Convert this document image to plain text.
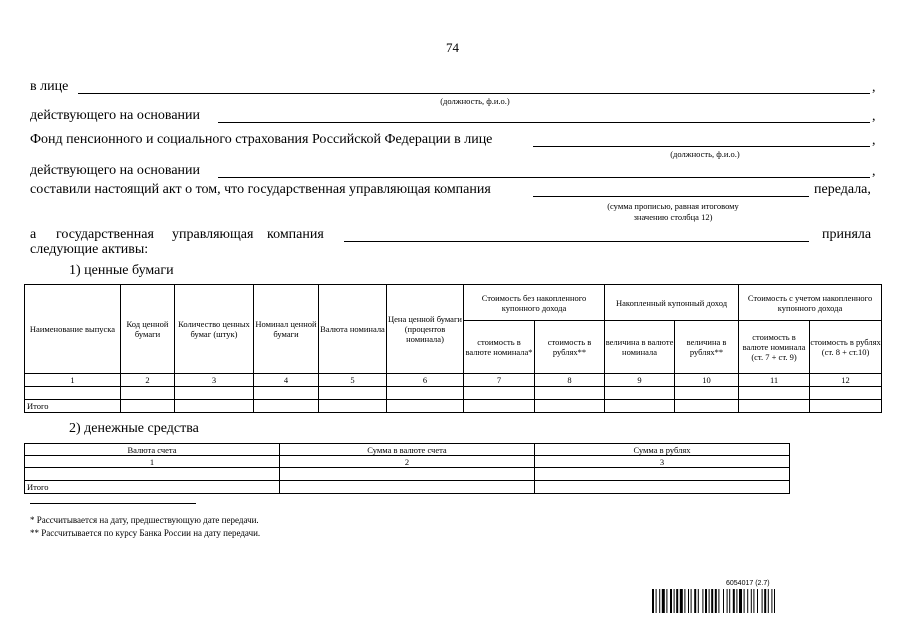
74
в лице	,
(должность, ф.и.о.)
действующего на основании	,
Фонд пенсионного и социального страхования Российской Федерации в лице	,
(должность, ф.и.о.)
действующего на основании	,
составили настоящий акт о том, что государственная управляющая компания	передала,
(сумма прописью, равная итоговому
значению столбца 12)
а государственная управляющая компания	приняла
следующие активы:
1) ценные бумаги
Наименование выпуска	Код ценной бумаги	Количество ценных бумаг (штук)	Номинал ценной бумаги	Валюта номинала	Цена ценной бумаги (процентов номинала)	Стоимость без накопленного купонного дохода		Накопленный купонный доход		Стоимость с учетом накопленного купонного дохода	
						стоимость в валюте номинала*	стоимость в рублях**	величина в валюте номинала	величина в рублях**	стоимость в валюте номинала (ст. 7 + ст. 9)	стоимость в рублях (ст. 8 + ст.10)
1	2	3	4	5	6	7	8	9	10	11	12

Итого											
2) денежные средства
Валюта счета	Сумма в валюте счета	Сумма в рублях
1	2	3

Итого		
* Рассчитывается на дату, предшествующую дате передачи.
** Рассчитывается по курсу Банка России на дату передачи.
6054017 (2.7)
